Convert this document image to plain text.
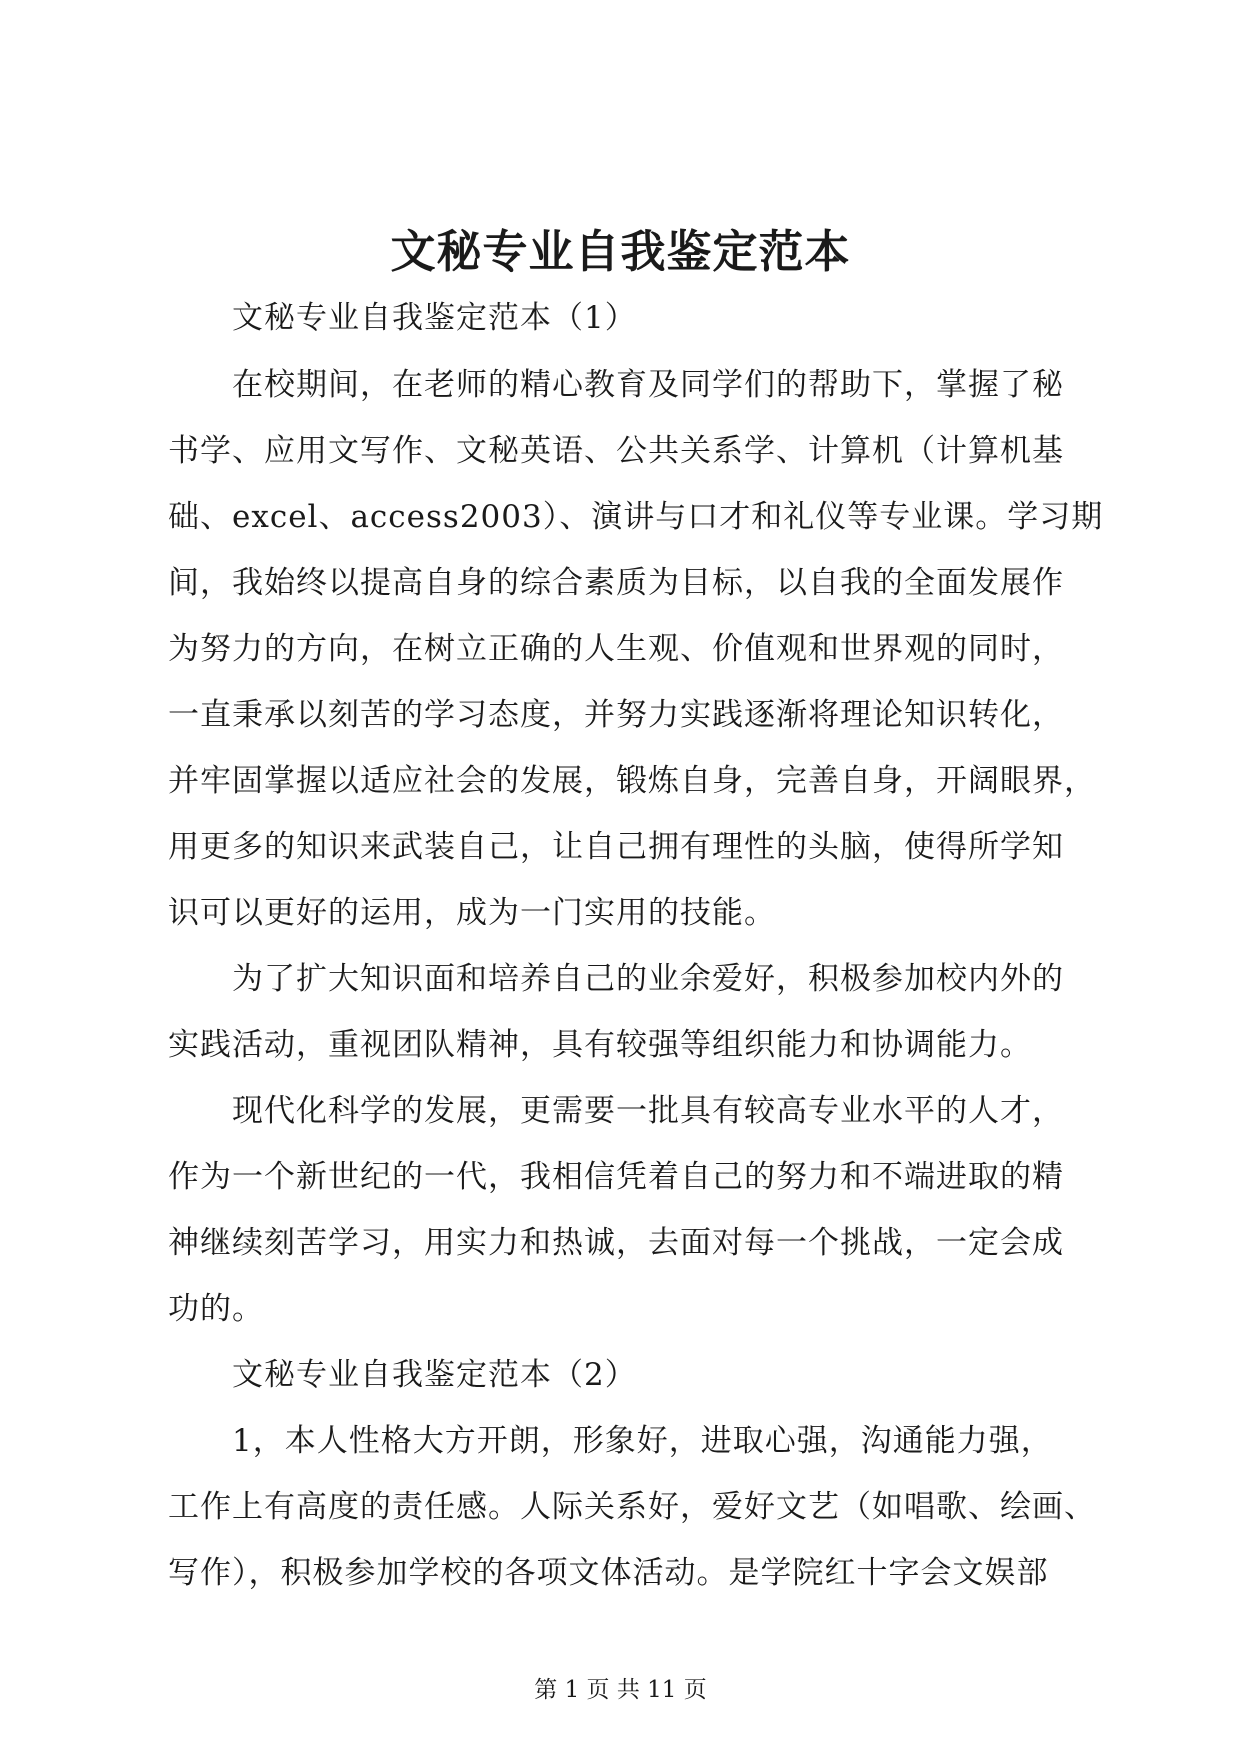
文秘专业自我鉴定范本

文秘专业自我鉴定范本（1）

在校期间，在老师的精心教育及同学们的帮助下，掌握了秘

书学、应用文写作、文秘英语、公共关系学、计算机（计算机基

础、excel、access2003）、演讲与口才和礼仪等专业课。学习期

间，我始终以提高自身的综合素质为目标，以自我的全面发展作

为努力的方向，在树立正确的人生观、价值观和世界观的同时，

一直秉承以刻苦的学习态度，并努力实践逐渐将理论知识转化，

并牢固掌握以适应社会的发展，锻炼自身，完善自身，开阔眼界，

用更多的知识来武装自己，让自己拥有理性的头脑，使得所学知

识可以更好的运用，成为一门实用的技能。

为了扩大知识面和培养自己的业余爱好，积极参加校内外的

实践活动，重视团队精神，具有较强等组织能力和协调能力。

现代化科学的发展，更需要一批具有较高专业水平的人才，

作为一个新世纪的一代，我相信凭着自己的努力和不端进取的精

神继续刻苦学习，用实力和热诚，去面对每一个挑战，一定会成

功的。

文秘专业自我鉴定范本（2）

1，本人性格大方开朗，形象好，进取心强，沟通能力强，

工作上有高度的责任感。人际关系好，爱好文艺（如唱歌、绘画、

写作），积极参加学校的各项文体活动。是学院红十字会文娱部

第 1 页 共 11 页
